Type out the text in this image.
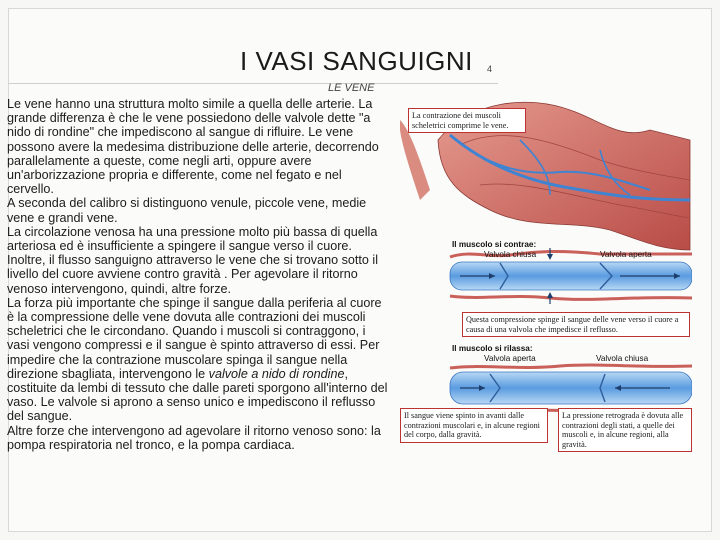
I VASI SANGUIGNI 4
LE VENE

Le vene hanno una struttura molto simile a quella delle arterie. La grande differenza è che le vene possiedono delle valvole dette "a nido di rondine" che impediscono al sangue di rifluire. Le vene possono avere la medesima distribuzione delle arterie, decorrendo parallelamente a queste, come negli arti, oppure avere un'arborizzazione propria e differente, come nel fegato e nel cervello.

A seconda del calibro si distinguono venule, piccole vene, medie vene e grandi vene.

La circolazione venosa ha una pressione molto più bassa di quella arteriosa ed è insufficiente a spingere il sangue verso il cuore. Inoltre, il flusso sanguigno attraverso le vene che si trovano sotto il livello del cuore avviene contro gravità . Per agevolare il ritorno venoso intervengono, quindi, altre forze.

La forza più importante che spinge il sangue dalla periferia al cuore è la compressione delle vene dovuta alle contrazioni dei muscoli scheletrici che le circondano. Quando i muscoli si contraggono, i vasi vengono compressi e il sangue è spinto attraverso di essi. Per impedire che la contrazione muscolare spinga il sangue nella direzione sbagliata, intervengono le valvole a nido di rondine, costituite da lembi di tessuto che dalle pareti sporgono all'interno del vaso. Le valvole si aprono a senso unico e impediscono il reflusso del sangue.

Altre forze che intervengono ad agevolare il ritorno venoso sono: la pompa respiratoria nel tronco, e la pompa cardiaca.

La contrazione dei muscoli scheletrici comprime le vene.
Il muscolo si contrae:
Valvola chiusa	Valvola aperta
Questa compressione spinge il sangue delle vene verso il cuore a causa di una valvola che impedisce il reflusso.
Il muscolo si rilassa:
Valvola aperta	Valvola chiusa
Il sangue viene spinto in avanti dalle contrazioni muscolari e, in alcune regioni del corpo, dalla gravità.
La pressione retrograda è dovuta alle contrazioni degli stati, a quelle dei muscoli e, in alcune regioni, alla gravità.
